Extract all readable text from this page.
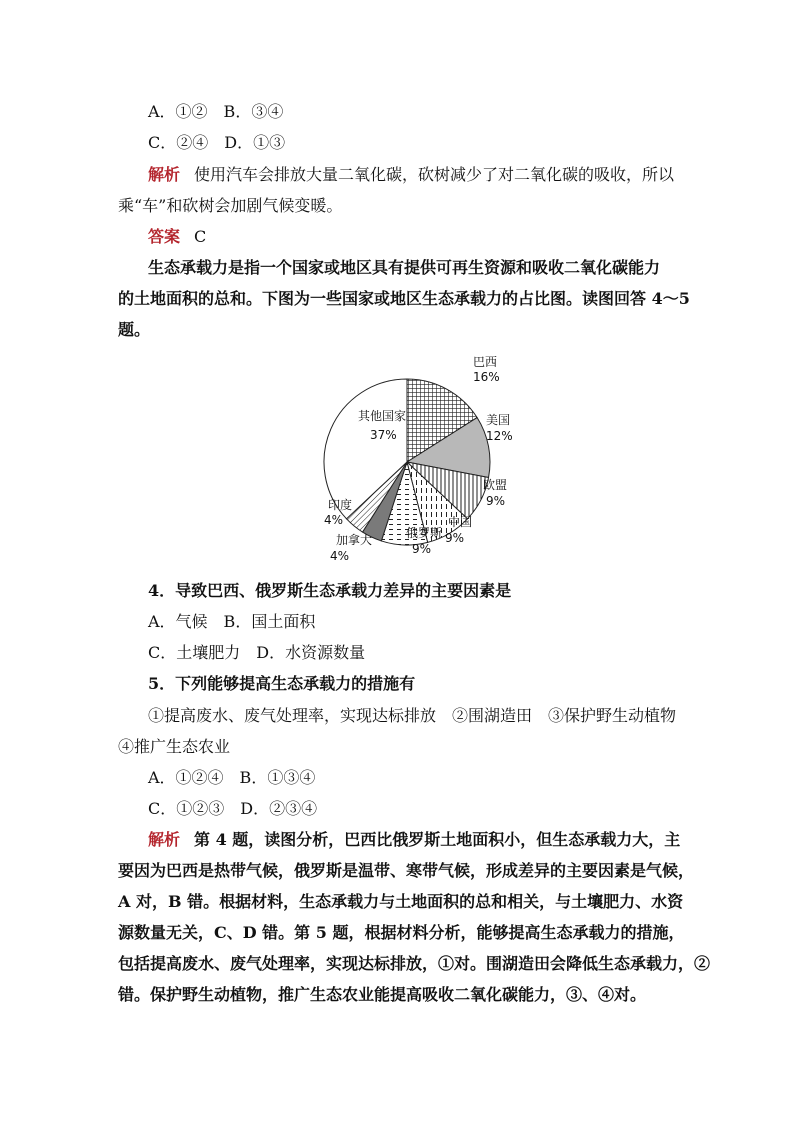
A．①②　B．③④
C．②④　D．①③
解析 使用汽车会排放大量二氧化碳，砍树减少了对二氧化碳的吸收，所以
乘“车”和砍树会加剧气候变暖。
答案 C
生态承载力是指一个国家或地区具有提供可再生资源和吸收二氧化碳能力
的土地面积的总和。下图为一些国家或地区生态承载力的占比图。读图回答 4～5
题。
巴西
16%
美国
12%
欧盟
9%
中国
9%
俄罗斯
9%
加拿大
4%
印度
4%
其他国家
37%
4．导致巴西、俄罗斯生态承载力差异的主要因素是
A．气候　B．国土面积
C．土壤肥力　D．水资源数量
5．下列能够提高生态承载力的措施有
①提高废水、废气处理率，实现达标排放　②围湖造田　③保护野生动植物
④推广生态农业
A．①②④　B．①③④
C．①②③　D．②③④
解析 第 4 题，读图分析，巴西比俄罗斯土地面积小，但生态承载力大，主
要因为巴西是热带气候，俄罗斯是温带、寒带气候，形成差异的主要因素是气候，
A 对，B 错。根据材料，生态承载力与土地面积的总和相关，与土壤肥力、水资
源数量无关，C、D 错。第 5 题，根据材料分析，能够提高生态承载力的措施，
包括提高废水、废气处理率，实现达标排放，①对。围湖造田会降低生态承载力，②
错。保护野生动植物，推广生态农业能提高吸收二氧化碳能力，③、④对。
